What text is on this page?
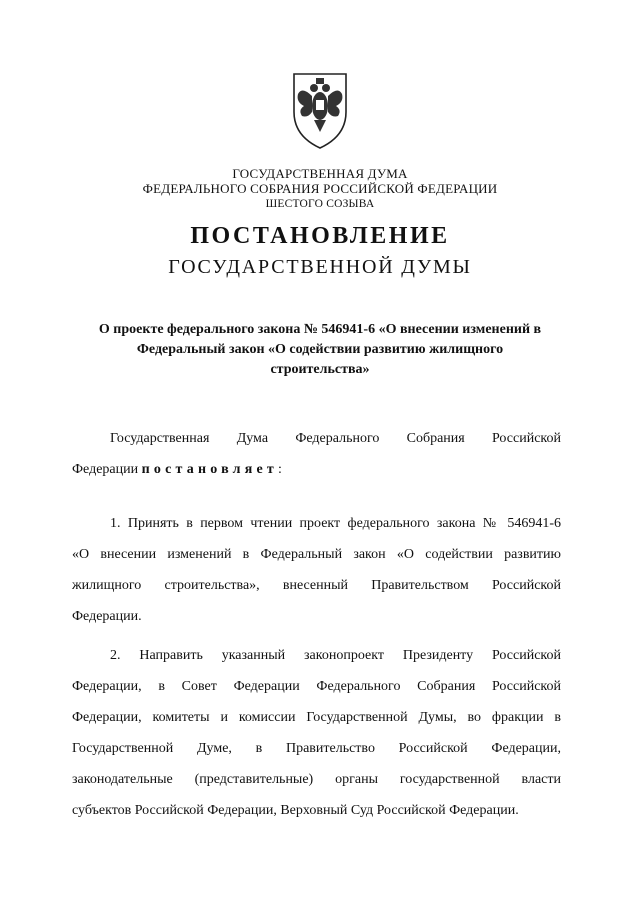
ГОСУДАРСТВЕННАЯ ДУМА
ФЕДЕРАЛЬНОГО СОБРАНИЯ РОССИЙСКОЙ ФЕДЕРАЦИИ
ШЕСТОГО СОЗЫВА
ПОСТАНОВЛЕНИЕ
ГОСУДАРСТВЕННОЙ ДУМЫ
О проекте федерального закона № 546941-6 «О внесении изменений в
Федеральный закон «О содействии развитию жилищного
строительства»
Государственная Дума Федерального Собрания Российской
Федерации постановляет:
1. Принять в первом чтении проект федерального закона № 546941-6
«О внесении изменений в Федеральный закон «О содействии развитию
жилищного строительства», внесенный Правительством Российской
Федерации.
2. Направить указанный законопроект Президенту Российской
Федерации, в Совет Федерации Федерального Собрания Российской
Федерации, комитеты и комиссии Государственной Думы, во фракции в
Государственной Думе, в Правительство Российской Федерации,
законодательные (представительные) органы государственной власти
субъектов Российской Федерации, Верховный Суд Российской Федерации.
